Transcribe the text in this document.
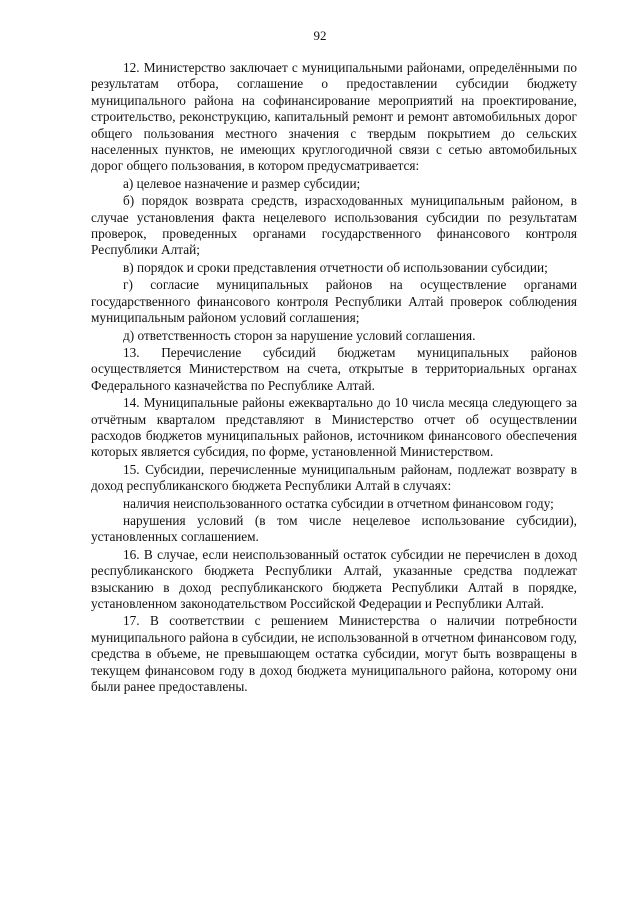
92

12. Министерство заключает с муниципальными районами, определёнными по результатам отбора, соглашение о предоставлении субсидии бюджету муниципального района на софинансирование мероприятий на проектирование, строительство, реконструкцию, капитальный ремонт и ремонт автомобильных дорог общего пользования местного значения с твердым покрытием до сельских населенных пунктов, не имеющих круглогодичной связи с сетью автомобильных дорог общего пользования, в котором предусматривается:

а) целевое назначение и размер субсидии;

б) порядок возврата средств, израсходованных муниципальным районом, в случае установления факта нецелевого использования субсидии по результатам проверок, проведенных органами государственного финансового контроля Республики Алтай;

в) порядок и сроки представления отчетности об использовании субсидии;

г) согласие муниципальных районов на осуществление органами государственного финансового контроля Республики Алтай проверок соблюдения муниципальным районом условий соглашения;

д) ответственность сторон за нарушение условий соглашения.

13. Перечисление субсидий бюджетам муниципальных районов осуществляется Министерством на счета, открытые в территориальных органах Федерального казначейства по Республике Алтай.

14. Муниципальные районы ежеквартально до 10 числа месяца следующего за отчётным кварталом представляют в Министерство отчет об осуществлении расходов бюджетов муниципальных районов, источником финансового обеспечения которых является субсидия, по форме, установленной Министерством.

15. Субсидии, перечисленные муниципальным районам, подлежат возврату в доход республиканского бюджета Республики Алтай в случаях:

наличия неиспользованного остатка субсидии в отчетном финансовом году;

нарушения условий (в том числе нецелевое использование субсидии), установленных соглашением.

16. В случае, если неиспользованный остаток субсидии не перечислен в доход республиканского бюджета Республики Алтай, указанные средства подлежат взысканию в доход республиканского бюджета Республики Алтай в порядке, установленном законодательством Российской Федерации и Республики Алтай.

17. В соответствии с решением Министерства о наличии потребности муниципального района в субсидии, не использованной в отчетном финансовом году, средства в объеме, не превышающем остатка субсидии, могут быть возвращены в текущем финансовом году в доход бюджета муниципального района, которому они были ранее предоставлены.
